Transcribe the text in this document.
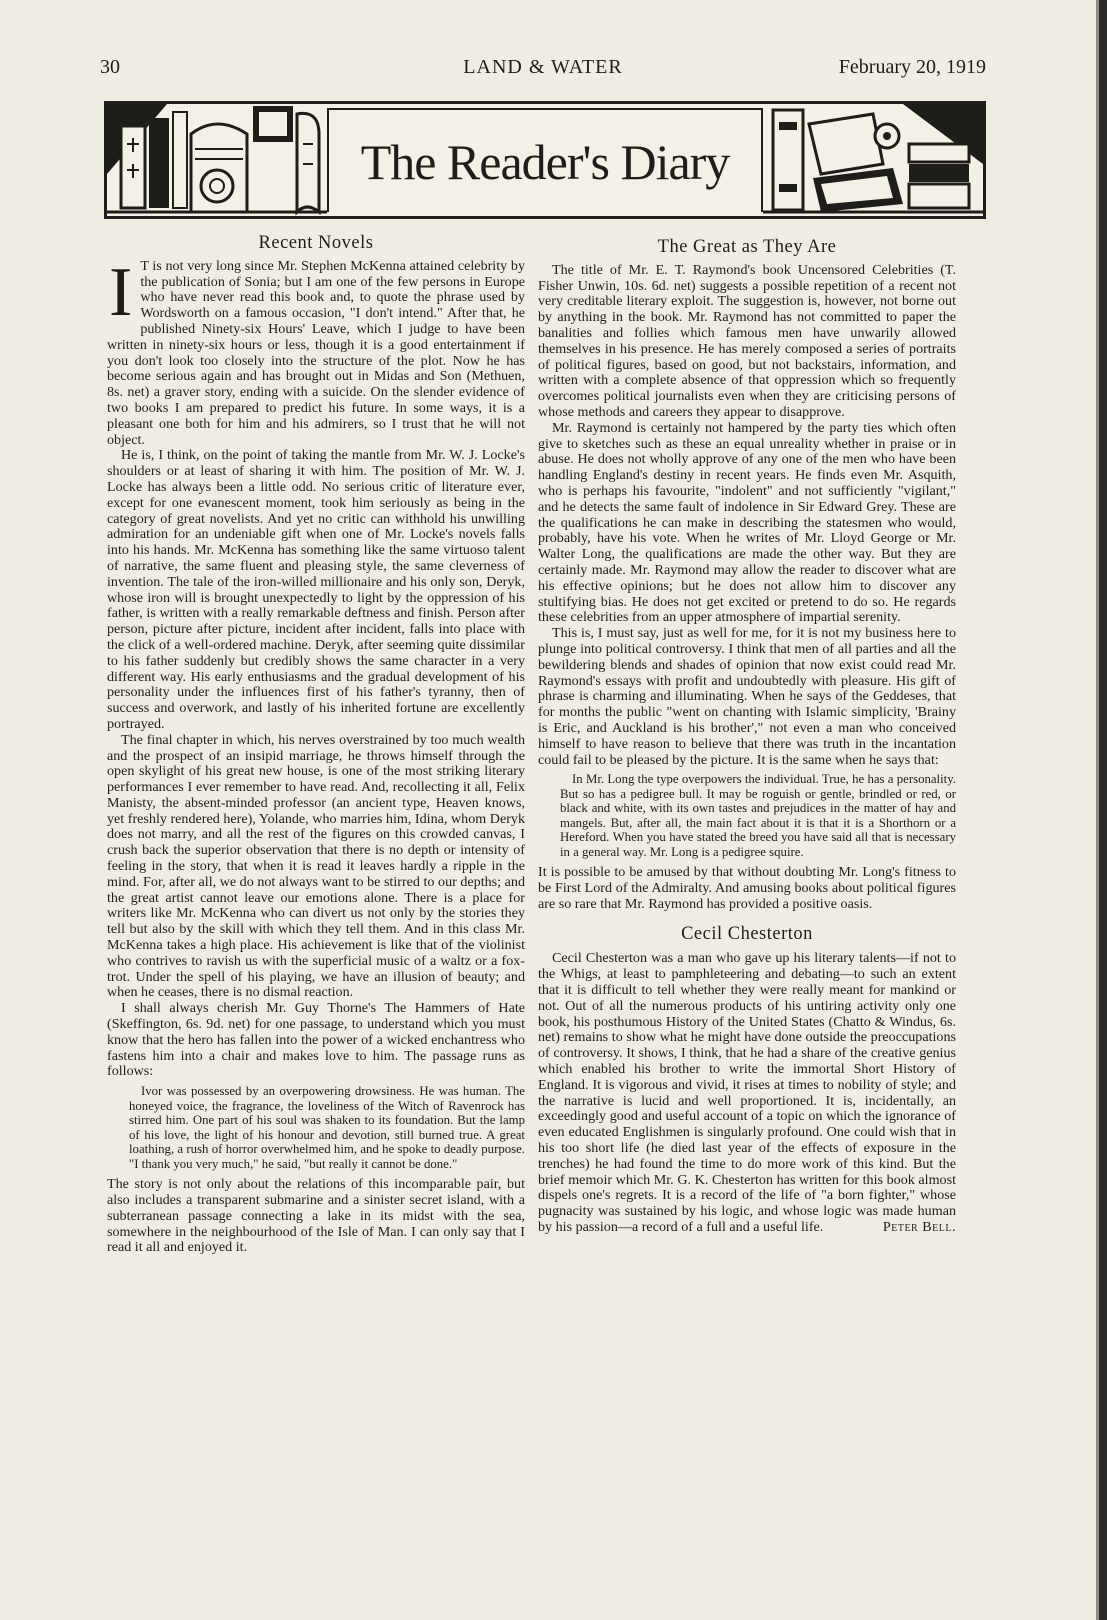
30	LAND & WATER	February 20, 1919
The Reader's Diary
Recent Novels
I T is not very long since Mr. Stephen McKenna attained celebrity by the publication of Sonia; but I am one of the few persons in Europe who have never read this book and, to quote the phrase used by Wordsworth on a famous occasion, "I don't intend." After that, he published Ninety-six Hours' Leave, which I judge to have been written in ninety-six hours or less, though it is a good entertainment if you don't look too closely into the structure of the plot. Now he has become serious again and has brought out in Midas and Son (Methuen, 8s. net) a graver story, ending with a suicide. On the slender evidence of two books I am prepared to predict his future. In some ways, it is a pleasant one both for him and his admirers, so I trust that he will not object.

He is, I think, on the point of taking the mantle from Mr. W. J. Locke's shoulders or at least of sharing it with him. The position of Mr. W. J. Locke has always been a little odd. No serious critic of literature ever, except for one evanescent moment, took him seriously as being in the category of great novelists. And yet no critic can withhold his unwilling admiration for an undeniable gift when one of Mr. Locke's novels falls into his hands. Mr. McKenna has something like the same virtuoso talent of narrative, the same fluent and pleasing style, the same cleverness of invention. The tale of the iron-willed millionaire and his only son, Deryk, whose iron will is brought unexpectedly to light by the oppression of his father, is written with a really remarkable deftness and finish. Person after person, picture after picture, incident after incident, falls into place with the click of a well-ordered machine. Deryk, after seeming quite dissimilar to his father suddenly but credibly shows the same character in a very different way. His early enthusiasms and the gradual development of his personality under the influences first of his father's tyranny, then of success and overwork, and lastly of his inherited fortune are excellently portrayed.

The final chapter in which, his nerves overstrained by too much wealth and the prospect of an insipid marriage, he throws himself through the open skylight of his great new house, is one of the most striking literary performances I ever remember to have read. And, recollecting it all, Felix Manisty, the absent-minded professor (an ancient type, Heaven knows, yet freshly rendered here), Yolande, who marries him, Idina, whom Deryk does not marry, and all the rest of the figures on this crowded canvas, I crush back the superior observation that there is no depth or intensity of feeling in the story, that when it is read it leaves hardly a ripple in the mind. For, after all, we do not always want to be stirred to our depths; and the great artist cannot leave our emotions alone. There is a place for writers like Mr. McKenna who can divert us not only by the stories they tell but also by the skill with which they tell them. And in this class Mr. McKenna takes a high place. His achievement is like that of the violinist who contrives to ravish us with the superficial music of a waltz or a fox-trot. Under the spell of his playing, we have an illusion of beauty; and when he ceases, there is no dismal reaction.

I shall always cherish Mr. Guy Thorne's The Hammers of Hate (Skeffington, 6s. 9d. net) for one passage, to understand which you must know that the hero has fallen into the power of a wicked enchantress who fastens him into a chair and makes love to him. The passage runs as follows:

Ivor was possessed by an overpowering drowsiness. He was human. The honeyed voice, the fragrance, the loveliness of the Witch of Ravenrock has stirred him. One part of his soul was shaken to its foundation. But the lamp of his love, the light of his honour and devotion, still burned true. A great loathing, a rush of horror overwhelmed him, and he spoke to deadly purpose. "I thank you very much," he said, "but really it cannot be done."

The story is not only about the relations of this incomparable pair, but also includes a transparent submarine and a sinister secret island, with a subterranean passage connecting a lake in its midst with the sea, somewhere in the neighbourhood of the Isle of Man. I can only say that I read it all and enjoyed it.

The Great as They Are

The title of Mr. E. T. Raymond's book Uncensored Celebrities (T. Fisher Unwin, 10s. 6d. net) suggests a possible repetition of a recent not very creditable literary exploit. The suggestion is, however, not borne out by anything in the book. Mr. Raymond has not committed to paper the banalities and follies which famous men have unwarily allowed themselves in his presence. He has merely composed a series of portraits of political figures, based on good, but not backstairs, information, and written with a complete absence of that oppression which so frequently overcomes political journalists even when they are criticising persons of whose methods and careers they appear to disapprove.

Mr. Raymond is certainly not hampered by the party ties which often give to sketches such as these an equal unreality whether in praise or in abuse. He does not wholly approve of any one of the men who have been handling England's destiny in recent years. He finds even Mr. Asquith, who is perhaps his favourite, "indolent" and not sufficiently "vigilant," and he detects the same fault of indolence in Sir Edward Grey. These are the qualifications he can make in describing the statesmen who would, probably, have his vote. When he writes of Mr. Lloyd George or Mr. Walter Long, the qualifications are made the other way. But they are certainly made. Mr. Raymond may allow the reader to discover what are his effective opinions; but he does not allow him to discover any stultifying bias. He does not get excited or pretend to do so. He regards these celebrities from an upper atmosphere of impartial serenity.

This is, I must say, just as well for me, for it is not my business here to plunge into political controversy. I think that men of all parties and all the bewildering blends and shades of opinion that now exist could read Mr. Raymond's essays with profit and undoubtedly with pleasure. His gift of phrase is charming and illuminating. When he says of the Geddeses, that for months the public "went on chanting with Islamic simplicity, 'Brainy is Eric, and Auckland is his brother'," not even a man who conceived himself to have reason to believe that there was truth in the incantation could fail to be pleased by the picture. It is the same when he says that:

In Mr. Long the type overpowers the individual. True, he has a personality. But so has a pedigree bull. It may be roguish or gentle, brindled or red, or black and white, with its own tastes and prejudices in the matter of hay and mangels. But, after all, the main fact about it is that it is a Shorthorn or a Hereford. When you have stated the breed you have said all that is necessary in a general way. Mr. Long is a pedigree squire.

It is possible to be amused by that without doubting Mr. Long's fitness to be First Lord of the Admiralty. And amusing books about political figures are so rare that Mr. Raymond has provided a positive oasis.

Cecil Chesterton

Cecil Chesterton was a man who gave up his literary talents—if not to the Whigs, at least to pamphleteering and debating—to such an extent that it is difficult to tell whether they were really meant for mankind or not. Out of all the numerous products of his untiring activity only one book, his posthumous History of the United States (Chatto & Windus, 6s. net) remains to show what he might have done outside the preoccupations of controversy. It shows, I think, that he had a share of the creative genius which enabled his brother to write the immortal Short History of England. It is vigorous and vivid, it rises at times to nobility of style; and the narrative is lucid and well proportioned. It is, incidentally, an exceedingly good and useful account of a topic on which the ignorance of even educated Englishmen is singularly profound. One could wish that in his too short life (he died last year of the effects of exposure in the trenches) he had found the time to do more work of this kind. But the brief memoir which Mr. G. K. Chesterton has written for this book almost dispels one's regrets. It is a record of the life of "a born fighter," whose pugnacity was sustained by his logic, and whose logic was made human by his passion—a record of a full and a useful life.	Peter Bell.
